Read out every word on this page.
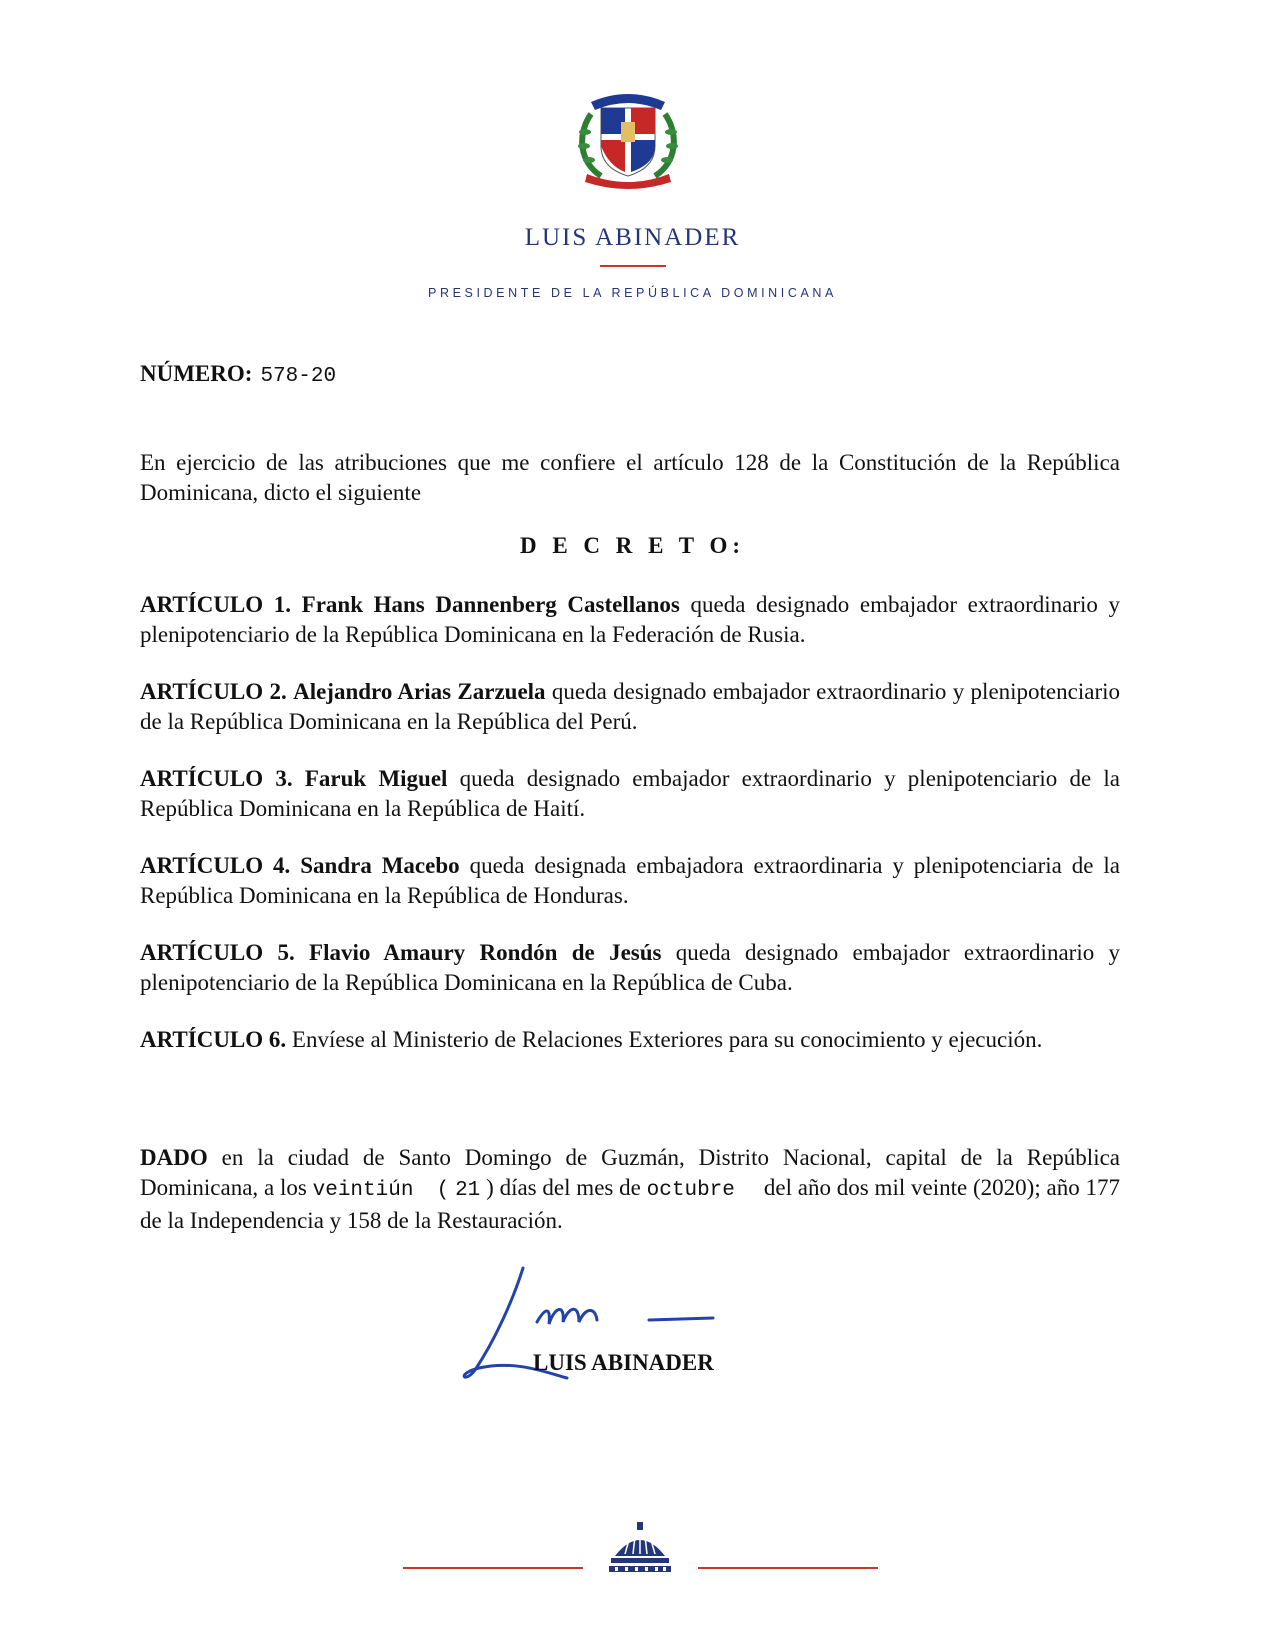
LUIS ABINADER
PRESIDENTE DE LA REPÚBLICA DOMINICANA
NÚMERO: 578-20
En ejercicio de las atribuciones que me confiere el artículo 128 de la Constitución de la República Dominicana, dicto el siguiente
D E C R E T O:
ARTÍCULO 1. Frank Hans Dannenberg Castellanos queda designado embajador extraordinario y plenipotenciario de la República Dominicana en la Federación de Rusia.
ARTÍCULO 2. Alejandro Arias Zarzuela queda designado embajador extraordinario y plenipotenciario de la República Dominicana en la República del Perú.
ARTÍCULO 3. Faruk Miguel queda designado embajador extraordinario y plenipotenciario de la República Dominicana en la República de Haití.
ARTÍCULO 4. Sandra Macebo queda designada embajadora extraordinaria y plenipotenciaria de la República Dominicana en la República de Honduras.
ARTÍCULO 5. Flavio Amaury Rondón de Jesús queda designado embajador extraordinario y plenipotenciario de la República Dominicana en la República de Cuba.
ARTÍCULO 6. Envíese al Ministerio de Relaciones Exteriores para su conocimiento y ejecución.
DADO en la ciudad de Santo Domingo de Guzmán, Distrito Nacional, capital de la República Dominicana, a los veintiún ( 21 ) días del mes de octubre     del año dos mil veinte (2020); año 177 de la Independencia y 158 de la Restauración.
LUIS ABINADER
